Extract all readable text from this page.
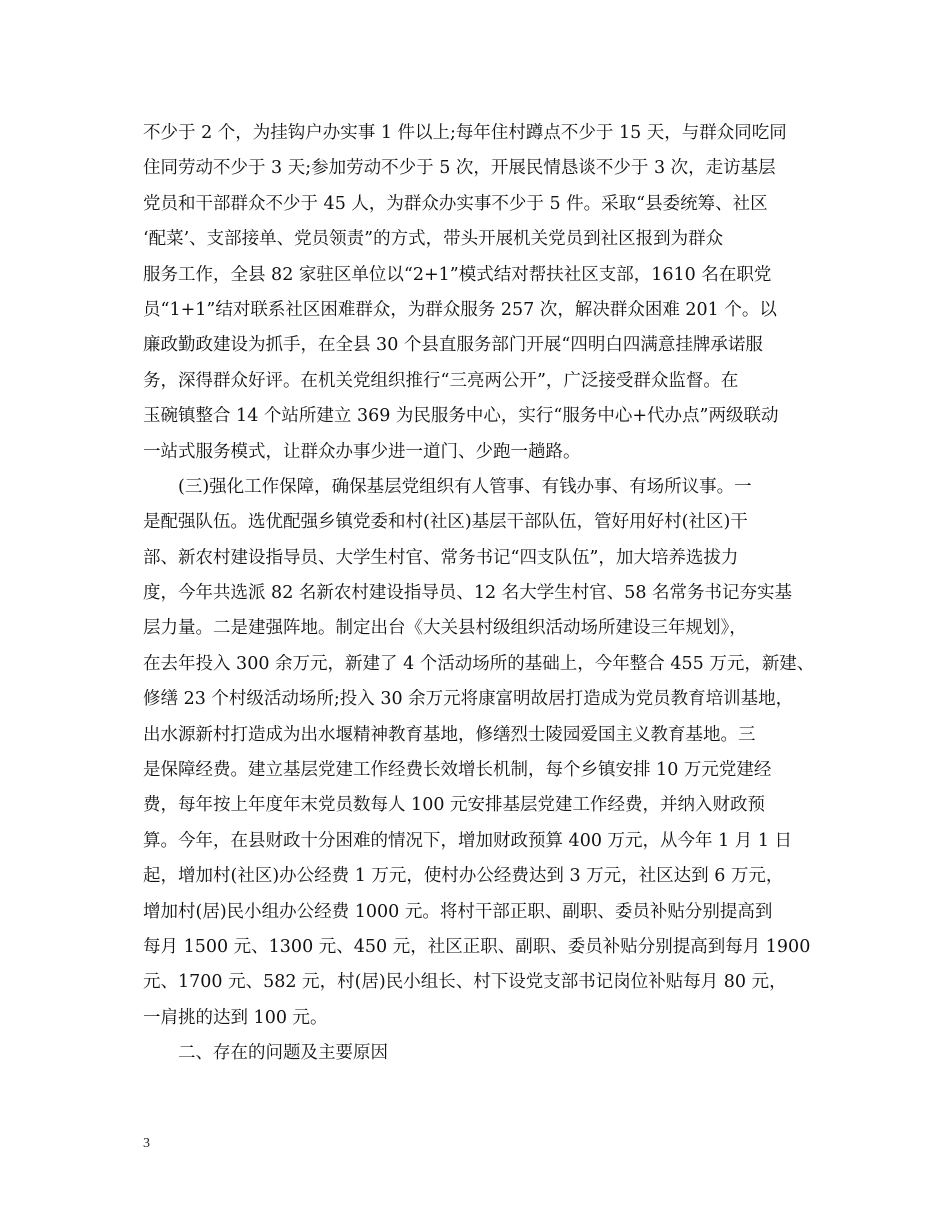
不少于 2 个，为挂钩户办实事 1 件以上;每年住村蹲点不少于 15 天，与群众同吃同
住同劳动不少于 3 天;参加劳动不少于 5 次，开展民情恳谈不少于 3 次，走访基层
党员和干部群众不少于 45 人，为群众办实事不少于 5 件。采取“县委统筹、社区
‘配菜’、支部接单、党员领责”的方式，带头开展机关党员到社区报到为群众
服务工作，全县 82 家驻区单位以“2+1”模式结对帮扶社区支部，1610 名在职党
员“1+1”结对联系社区困难群众，为群众服务 257 次，解决群众困难 201 个。以
廉政勤政建设为抓手，在全县 30 个县直服务部门开展“四明白四满意挂牌承诺服
务，深得群众好评。在机关党组织推行“三亮两公开”，广泛接受群众监督。在
玉碗镇整合 14 个站所建立 369 为民服务中心，实行“服务中心+代办点”两级联动
一站式服务模式，让群众办事少进一道门、少跑一趟路。
(三)强化工作保障，确保基层党组织有人管事、有钱办事、有场所议事。一
是配强队伍。选优配强乡镇党委和村(社区)基层干部队伍，管好用好村(社区)干
部、新农村建设指导员、大学生村官、常务书记“四支队伍”，加大培养选拔力
度，今年共选派 82 名新农村建设指导员、12 名大学生村官、58 名常务书记夯实基
层力量。二是建强阵地。制定出台《大关县村级组织活动场所建设三年规划》，
在去年投入 300 余万元，新建了 4 个活动场所的基础上，今年整合 455 万元，新建、
修缮 23 个村级活动场所;投入 30 余万元将康富明故居打造成为党员教育培训基地，
出水源新村打造成为出水堰精神教育基地，修缮烈士陵园爱国主义教育基地。三
是保障经费。建立基层党建工作经费长效增长机制，每个乡镇安排 10 万元党建经
费，每年按上年度年末党员数每人 100 元安排基层党建工作经费，并纳入财政预
算。今年，在县财政十分困难的情况下，增加财政预算 400 万元，从今年 1 月 1 日
起，增加村(社区)办公经费 1 万元，使村办公经费达到 3 万元，社区达到 6 万元，
增加村(居)民小组办公经费 1000 元。将村干部正职、副职、委员补贴分别提高到
每月 1500 元、1300 元、450 元，社区正职、副职、委员补贴分别提高到每月 1900
元、1700 元、582 元，村(居)民小组长、村下设党支部书记岗位补贴每月 80 元，
一肩挑的达到 100 元。
二、存在的问题及主要原因
3
